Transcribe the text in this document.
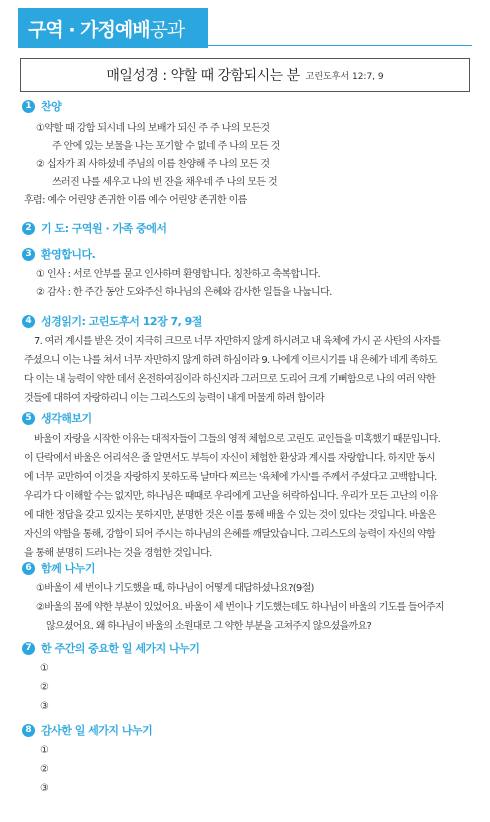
구역 · 가정예배 공과
매일성경 : 약할 때 강함되시는 분 고린도후서 12:7, 9
1 찬양
①약할 때 강함 되시네 나의 보배가 되신 주 주 나의 모든것
주 안에 있는 보물을 나는 포기할 수 없네 주 나의 모든 것
② 십자가 죄 사하셨네 주님의 이름 찬양해 주 나의 모든 것
쓰러진 나를 세우고 나의 빈 잔을 채우네 주 나의 모든 것
후렴: 예수 어린양 존귀한 이름 예수 어린양 존귀한 이름
2 기 도: 구역원 · 가족 중에서
3 환영합니다.
① 인사 : 서로 안부를 묻고 인사하며 환영합니다. 칭찬하고 축복합니다.
② 감사 : 한 주간 동안 도와주신 하나님의 은혜와 감사한 일들을 나눕니다.
4 성경읽기: 고린도후서 12장 7, 9절
7. 여러 계시를 받은 것이 지극히 크므로 너무 자만하지 않게 하시려고 내 육체에 가시 곧 사탄의 사자를
주셨으니 이는 나를 쳐서 너무 자만하지 않게 하려 하심이라 9. 나에게 이르시기를 내 은혜가 네게 족하도
다 이는 내 능력이 약한 데서 온전하여짐이라 하신지라 그러므로 도리어 크게 기뻐함으로 나의 여러 약한
것들에 대하여 자랑하리니 이는 그리스도의 능력이 내게 머물게 하려 함이라
5 생각해보기
바울이 자랑을 시작한 이유는 대적자들이 그들의 영적 체험으로 고린도 교인들을 미혹했기 때문입니다.
이 단락에서 바울은 어리석은 줄 알면서도 부득이 자신이 체험한 환상과 계시를 자랑합니다. 하지만 동시
에 너무 교만하여 이것을 자랑하지 못하도록 날마다 찌르는 '육체에 가시'를 주께서 주셨다고 고백합니다.
우리가 다 이해할 수는 없지만, 하나님은 때때로 우리에게 고난을 허락하십니다. 우리가 모든 고난의 이유
에 대한 정답을 갖고 있지는 못하지만, 분명한 것은 이를 통해 배울 수 있는 것이 있다는 것입니다. 바울은
자신의 약함을 통해, 강함이 되어 주시는 하나님의 은혜를 깨달았습니다. 그리스도의 능력이 자신의 약함
을 통해 분명히 드러나는 것을 경험한 것입니다.
6 함께 나누기
①바울이 세 번이나 기도했을 때, 하나님이 어떻게 대답하셨나요?(9절)
②바울의 몸에 약한 부분이 있었어요. 바울이 세 번이나 기도했는데도 하나님이 바울의 기도를 들어주지
않으셨어요. 왜 하나님이 바울의 소원대로 그 약한 부분을 고쳐주지 않으셨을까요?
7 한 주간의 중요한 일 세가지 나누기
①
②
③
8 감사한 일 세가지 나누기
①
②
③
